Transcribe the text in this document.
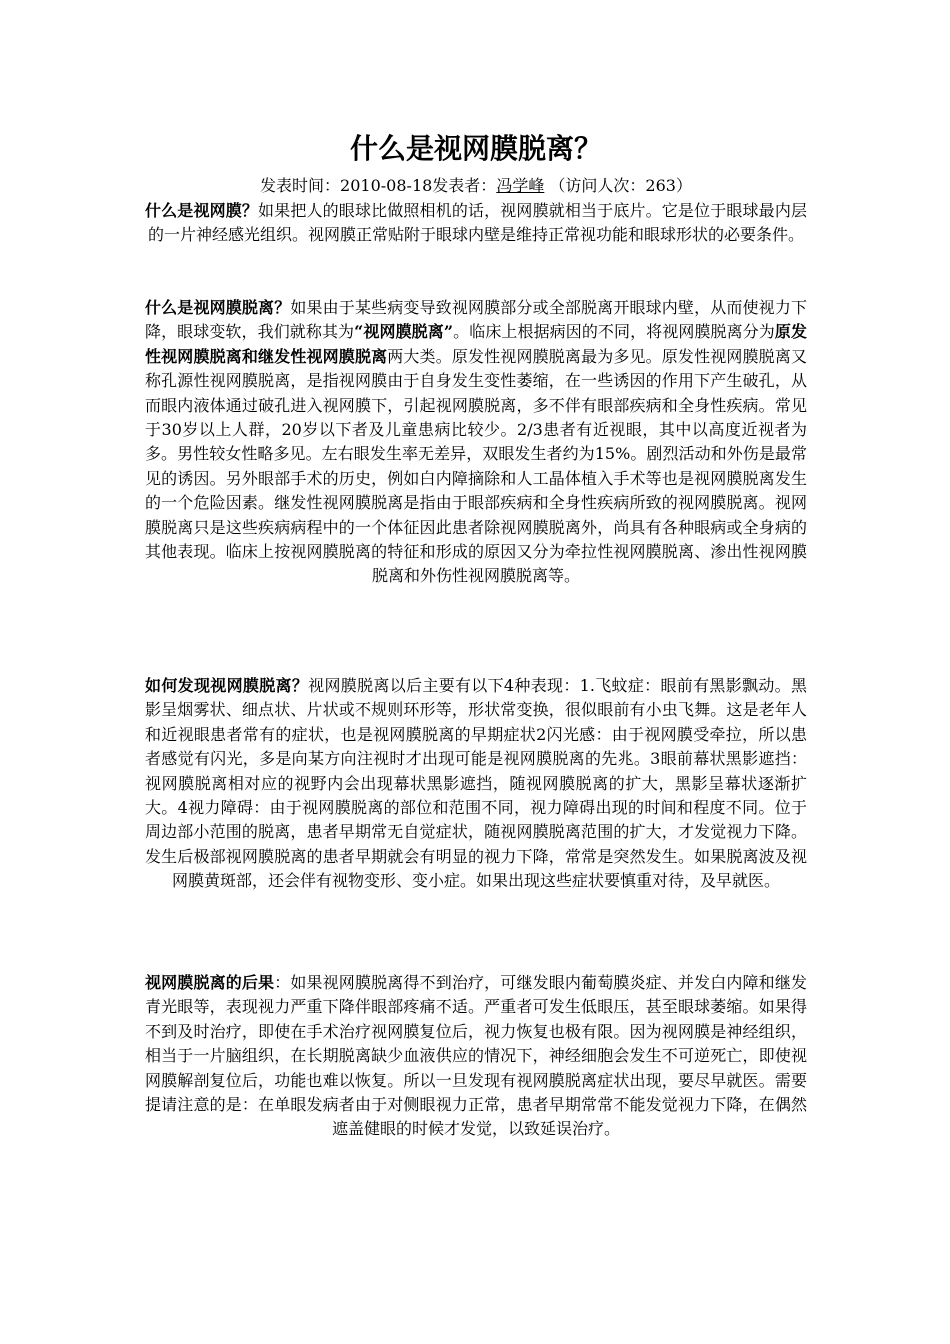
什么是视网膜脱离？
发表时间：2010-08-18发表者：冯学峰 （访问人次：263）

什么是视网膜？如果把人的眼球比做照相机的话，视网膜就相当于底片。它是位于眼球最内层的一片神经感光组织。视网膜正常贴附于眼球内壁是维持正常视功能和眼球形状的必要条件。

什么是视网膜脱离？如果由于某些病变导致视网膜部分或全部脱离开眼球内壁，从而使视力下降，眼球变软，我们就称其为“视网膜脱离”。临床上根据病因的不同，将视网膜脱离分为原发性视网膜脱离和继发性视网膜脱离两大类。原发性视网膜脱离最为多见。原发性视网膜脱离又称孔源性视网膜脱离，是指视网膜由于自身发生变性萎缩，在一些诱因的作用下产生破孔，从而眼内液体通过破孔进入视网膜下，引起视网膜脱离，多不伴有眼部疾病和全身性疾病。常见于30岁以上人群，20岁以下者及儿童患病比较少。2/3患者有近视眼，其中以高度近视者为多。男性较女性略多见。左右眼发生率无差异，双眼发生者约为15%。剧烈活动和外伤是最常见的诱因。另外眼部手术的历史，例如白内障摘除和人工晶体植入手术等也是视网膜脱离发生的一个危险因素。继发性视网膜脱离是指由于眼部疾病和全身性疾病所致的视网膜脱离。视网膜脱离只是这些疾病病程中的一个体征因此患者除视网膜脱离外，尚具有各种眼病或全身病的其他表现。临床上按视网膜脱离的特征和形成的原因又分为牵拉性视网膜脱离、渗出性视网膜脱离和外伤性视网膜脱离等。

如何发现视网膜脱离？视网膜脱离以后主要有以下4种表现：1.飞蚊症：眼前有黑影飘动。黑影呈烟雾状、细点状、片状或不规则环形等，形状常变换，很似眼前有小虫飞舞。这是老年人和近视眼患者常有的症状，也是视网膜脱离的早期症状2闪光感：由于视网膜受牵拉，所以患者感觉有闪光，多是向某方向注视时才出现可能是视网膜脱离的先兆。3眼前幕状黑影遮挡：视网膜脱离相对应的视野内会出现幕状黑影遮挡，随视网膜脱离的扩大，黑影呈幕状逐渐扩大。4视力障碍：由于视网膜脱离的部位和范围不同，视力障碍出现的时间和程度不同。位于周边部小范围的脱离，患者早期常无自觉症状，随视网膜脱离范围的扩大，才发觉视力下降。发生后极部视网膜脱离的患者早期就会有明显的视力下降，常常是突然发生。如果脱离波及视网膜黄斑部，还会伴有视物变形、变小症。如果出现这些症状要慎重对待，及早就医。

视网膜脱离的后果：如果视网膜脱离得不到治疗，可继发眼内葡萄膜炎症、并发白内障和继发青光眼等，表现视力严重下降伴眼部疼痛不适。严重者可发生低眼压，甚至眼球萎缩。如果得不到及时治疗，即使在手术治疗视网膜复位后，视力恢复也极有限。因为视网膜是神经组织，相当于一片脑组织，在长期脱离缺少血液供应的情况下，神经细胞会发生不可逆死亡，即使视网膜解剖复位后，功能也难以恢复。所以一旦发现有视网膜脱离症状出现，要尽早就医。需要提请注意的是：在单眼发病者由于对侧眼视力正常，患者早期常常不能发觉视力下降，在偶然遮盖健眼的时候才发觉，以致延误治疗。
